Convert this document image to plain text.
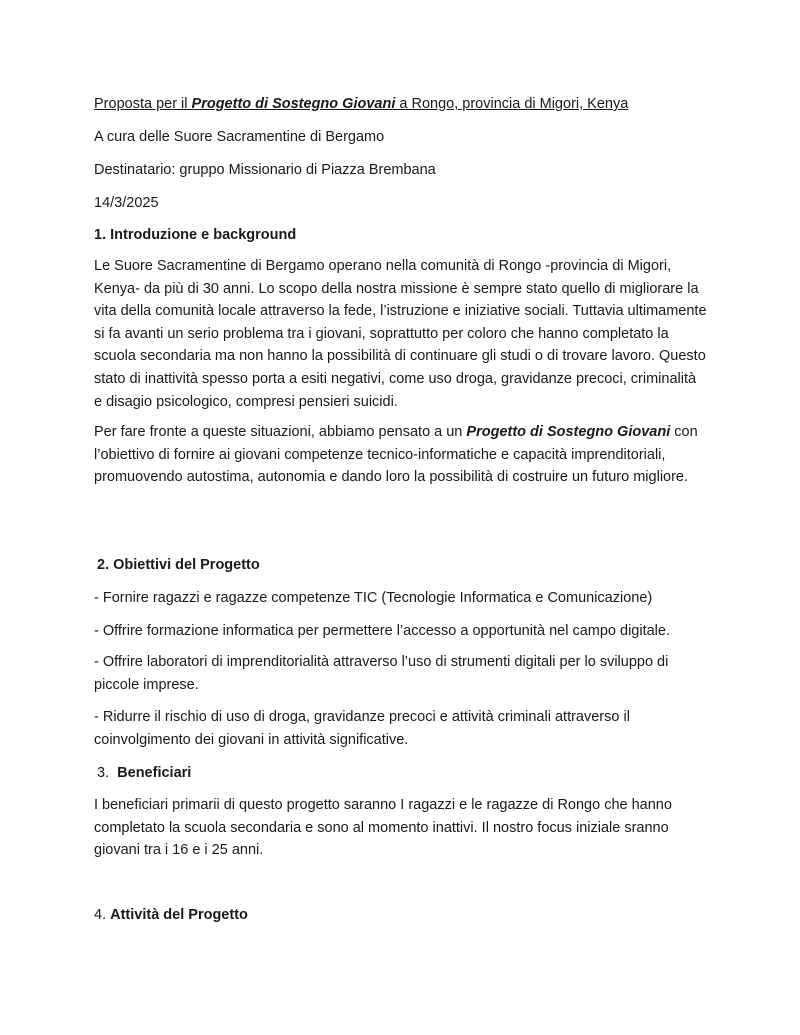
Proposta per il Progetto di Sostegno Giovani a Rongo, provincia di Migori, Kenya
A cura delle Suore Sacramentine di Bergamo
Destinatario: gruppo Missionario di Piazza Brembana
14/3/2025
1. Introduzione e background
Le Suore Sacramentine di Bergamo operano nella comunità di Rongo -provincia di Migori, Kenya- da più di 30 anni. Lo scopo della nostra missione è sempre stato quello di migliorare la vita della comunità locale attraverso la fede, l’istruzione e iniziative sociali. Tuttavia ultimamente si fa avanti un serio problema tra i giovani, soprattutto per coloro che hanno completato la scuola secondaria ma non hanno la possibilità di continuare gli studi o di trovare lavoro. Questo stato di inattività spesso porta a esiti negativi, come uso droga, gravidanze precoci, criminalità e disagio psicologico, compresi pensieri suicidi.
Per fare fronte a queste situazioni, abbiamo pensato a un Progetto di Sostegno Giovani con l’obiettivo di fornire ai giovani competenze tecnico-informatiche e capacità imprenditoriali, promuovendo autostima, autonomia e dando loro la possibilità di costruire un futuro migliore.
2. Obiettivi del Progetto
- Fornire ragazzi e ragazze competenze TIC (Tecnologie Informatica e Comunicazione)
- Offrire formazione informatica per permettere l’accesso a opportunità nel campo digitale.
- Offrire laboratori di imprenditorialità attraverso l’uso di strumenti digitali per lo sviluppo di piccole imprese.
- Ridurre il rischio di uso di droga, gravidanze precoci e attività criminali attraverso il coinvolgimento dei giovani in attività significative.
3. Beneficiari
I beneficiari primarii di questo progetto saranno I ragazzi e le ragazze di Rongo che hanno completato la scuola secondaria e sono al momento inattivi. Il nostro focus iniziale sranno giovani tra i 16 e i 25 anni.
4. Attività del Progetto
